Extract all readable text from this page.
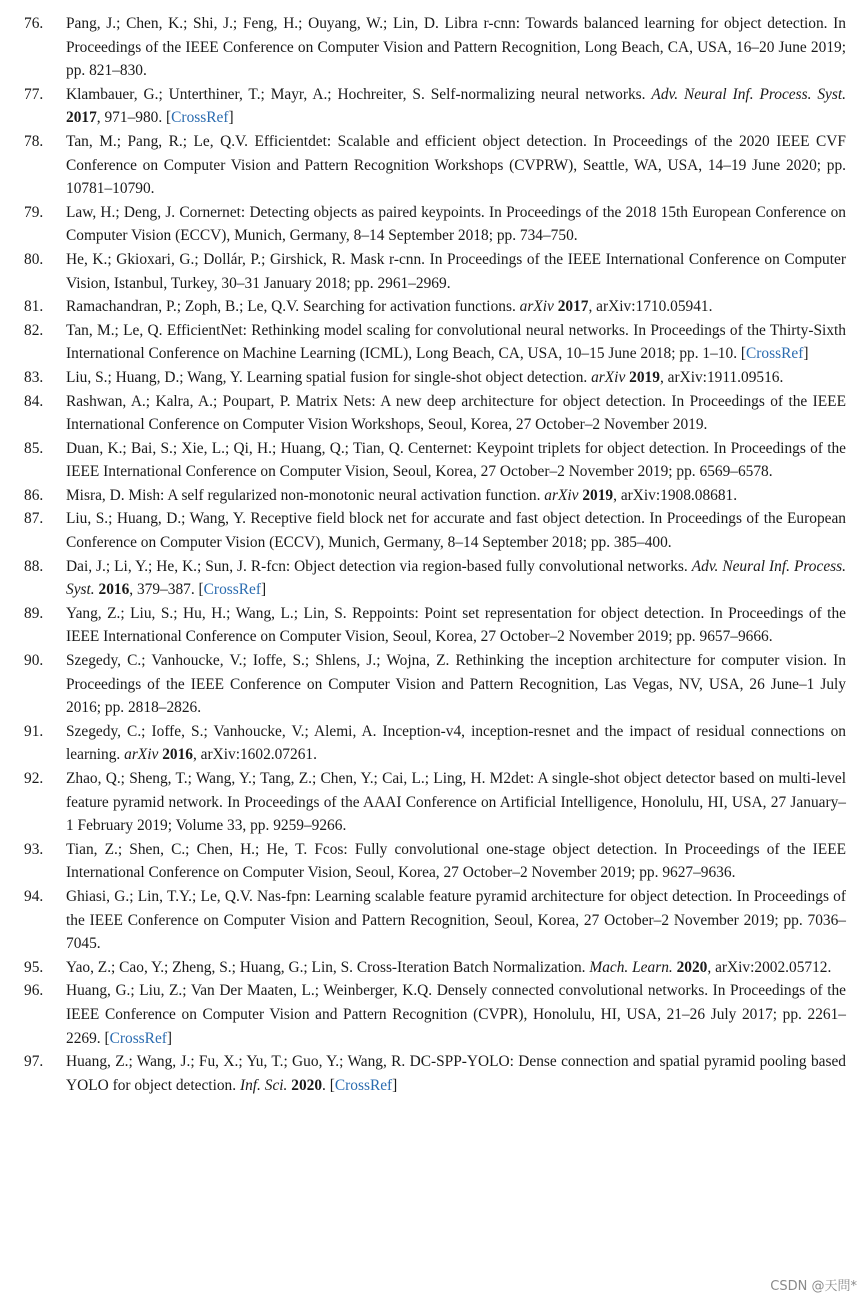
76. Pang, J.; Chen, K.; Shi, J.; Feng, H.; Ouyang, W.; Lin, D. Libra r-cnn: Towards balanced learning for object detection. In Proceedings of the IEEE Conference on Computer Vision and Pattern Recognition, Long Beach, CA, USA, 16–20 June 2019; pp. 821–830.
77. Klambauer, G.; Unterthiner, T.; Mayr, A.; Hochreiter, S. Self-normalizing neural networks. Adv. Neural Inf. Process. Syst. 2017, 971–980. [CrossRef]
78. Tan, M.; Pang, R.; Le, Q.V. Efficientdet: Scalable and efficient object detection. In Proceedings of the 2020 IEEE CVF Conference on Computer Vision and Pattern Recognition Workshops (CVPRW), Seattle, WA, USA, 14–19 June 2020; pp. 10781–10790.
79. Law, H.; Deng, J. Cornernet: Detecting objects as paired keypoints. In Proceedings of the 2018 15th European Conference on Computer Vision (ECCV), Munich, Germany, 8–14 September 2018; pp. 734–750.
80. He, K.; Gkioxari, G.; Dollár, P.; Girshick, R. Mask r-cnn. In Proceedings of the IEEE International Conference on Computer Vision, Istanbul, Turkey, 30–31 January 2018; pp. 2961–2969.
81. Ramachandran, P.; Zoph, B.; Le, Q.V. Searching for activation functions. arXiv 2017, arXiv:1710.05941.
82. Tan, M.; Le, Q. EfficientNet: Rethinking model scaling for convolutional neural networks. In Proceedings of the Thirty-Sixth International Conference on Machine Learning (ICML), Long Beach, CA, USA, 10–15 June 2018; pp. 1–10. [CrossRef]
83. Liu, S.; Huang, D.; Wang, Y. Learning spatial fusion for single-shot object detection. arXiv 2019, arXiv:1911.09516.
84. Rashwan, A.; Kalra, A.; Poupart, P. Matrix Nets: A new deep architecture for object detection. In Proceedings of the IEEE International Conference on Computer Vision Workshops, Seoul, Korea, 27 October–2 November 2019.
85. Duan, K.; Bai, S.; Xie, L.; Qi, H.; Huang, Q.; Tian, Q. Centernet: Keypoint triplets for object detection. In Proceedings of the IEEE International Conference on Computer Vision, Seoul, Korea, 27 October–2 November 2019; pp. 6569–6578.
86. Misra, D. Mish: A self regularized non-monotonic neural activation function. arXiv 2019, arXiv:1908.08681.
87. Liu, S.; Huang, D.; Wang, Y. Receptive field block net for accurate and fast object detection. In Proceedings of the European Conference on Computer Vision (ECCV), Munich, Germany, 8–14 September 2018; pp. 385–400.
88. Dai, J.; Li, Y.; He, K.; Sun, J. R-fcn: Object detection via region-based fully convolutional networks. Adv. Neural Inf. Process. Syst. 2016, 379–387. [CrossRef]
89. Yang, Z.; Liu, S.; Hu, H.; Wang, L.; Lin, S. Reppoints: Point set representation for object detection. In Proceedings of the IEEE International Conference on Computer Vision, Seoul, Korea, 27 October–2 November 2019; pp. 9657–9666.
90. Szegedy, C.; Vanhoucke, V.; Ioffe, S.; Shlens, J.; Wojna, Z. Rethinking the inception architecture for computer vision. In Proceedings of the IEEE Conference on Computer Vision and Pattern Recognition, Las Vegas, NV, USA, 26 June–1 July 2016; pp. 2818–2826.
91. Szegedy, C.; Ioffe, S.; Vanhoucke, V.; Alemi, A. Inception-v4, inception-resnet and the impact of residual connections on learning. arXiv 2016, arXiv:1602.07261.
92. Zhao, Q.; Sheng, T.; Wang, Y.; Tang, Z.; Chen, Y.; Cai, L.; Ling, H. M2det: A single-shot object detector based on multi-level feature pyramid network. In Proceedings of the AAAI Conference on Artificial Intelligence, Honolulu, HI, USA, 27 January–1 February 2019; Volume 33, pp. 9259–9266.
93. Tian, Z.; Shen, C.; Chen, H.; He, T. Fcos: Fully convolutional one-stage object detection. In Proceedings of the IEEE International Conference on Computer Vision, Seoul, Korea, 27 October–2 November 2019; pp. 9627–9636.
94. Ghiasi, G.; Lin, T.Y.; Le, Q.V. Nas-fpn: Learning scalable feature pyramid architecture for object detection. In Proceedings of the IEEE Conference on Computer Vision and Pattern Recognition, Seoul, Korea, 27 October–2 November 2019; pp. 7036–7045.
95. Yao, Z.; Cao, Y.; Zheng, S.; Huang, G.; Lin, S. Cross-Iteration Batch Normalization. Mach. Learn. 2020, arXiv:2002.05712.
96. Huang, G.; Liu, Z.; Van Der Maaten, L.; Weinberger, K.Q. Densely connected convolutional networks. In Proceedings of the IEEE Conference on Computer Vision and Pattern Recognition (CVPR), Honolulu, HI, USA, 21–26 July 2017; pp. 2261–2269. [CrossRef]
97. Huang, Z.; Wang, J.; Fu, X.; Yu, T.; Guo, Y.; Wang, R. DC-SPP-YOLO: Dense connection and spatial pyramid pooling based YOLO for object detection. Inf. Sci. 2020. [CrossRef]
CSDN @天問*
